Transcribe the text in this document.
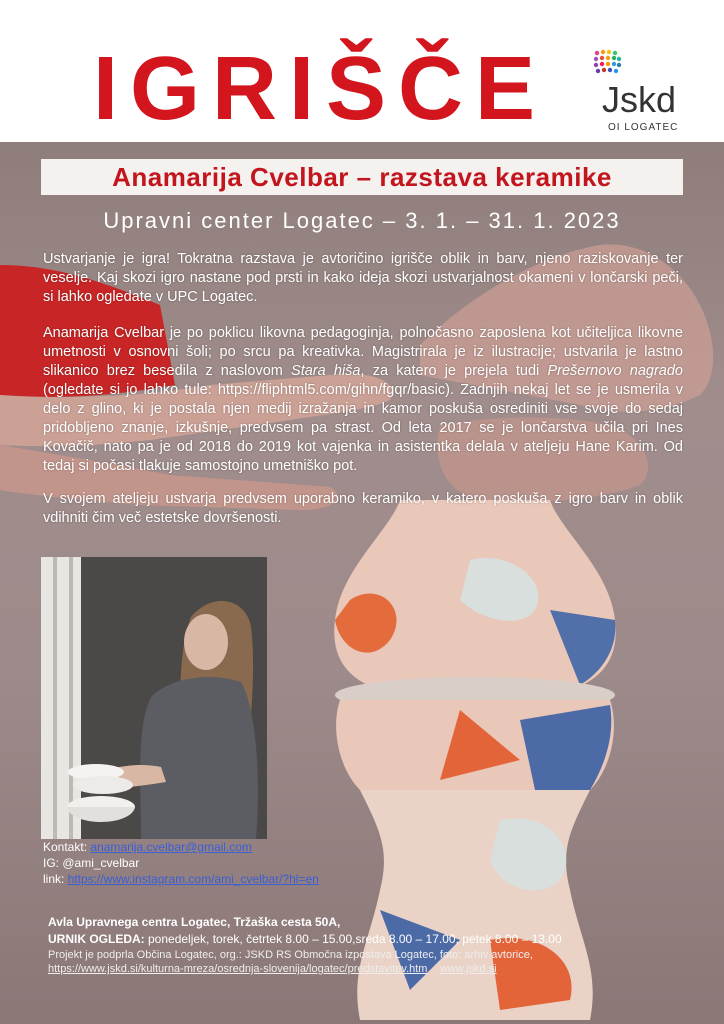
IGRIŠČE	Jskd
OI LOGATEC
Anamarija Cvelbar – razstava keramike
Upravni center Logatec – 3. 1. – 31. 1. 2023

Ustvarjanje je igra! Tokratna razstava je avtoričino igrišče oblik in barv, njeno raziskovanje ter veselje. Kaj skozi igro nastane pod prsti in kako ideja skozi ustvarjalnost okameni v lončarski peči, si lahko ogledate v UPC Logatec.

Anamarija Cvelbar je po poklicu likovna pedagoginja, polnočasno zaposlena kot učiteljica likovne umetnosti v osnovni šoli; po srcu pa kreativka. Magistrirala je iz ilustracije; ustvarila je lastno slikanico brez besedila z naslovom Stara hiša, za katero je prejela tudi Prešernovo nagrado (ogledate si jo lahko tule: https://fliphtml5.com/gihn/fgqr/basic). Zadnjih nekaj let se je usmerila v delo z glino, ki je postala njen medij izražanja in kamor poskuša osrediniti vse svoje do sedaj pridobljeno znanje, izkušnje, predvsem pa strast. Od leta 2017 se je lončarstva učila pri Ines Kovačič, nato pa je od 2018 do 2019 kot vajenka in asistentka delala v ateljeju Hane Karim. Od tedaj si počasi tlakuje samostojno umetniško pot.

V svojem ateljeju ustvarja predvsem uporabno keramiko, v katero poskuša z igro barv in oblik vdihniti čim več estetske dovršenosti.

Kontakt: anamarija.cvelbar@gmail.com
IG: @ami_cvelbar
link: https://www.instagram.com/ami_cvelbar/?hl=en
Avla Upravnega centra Logatec, Tržaška cesta 50A,
URNIK OGLEDA: ponedeljek, torek, četrtek 8.00 – 15.00,sreda 8.00 – 17.00, petek 8.00 – 13.00
Projekt je podprla Občina Logatec, org.: JSKD RS Območna izpostava Logatec, foto: arhiv avtorice,
https://www.jskd.si/kulturna-mreza/osrednja-slovenija/logatec/predstavitev.htm www.jskd.si
